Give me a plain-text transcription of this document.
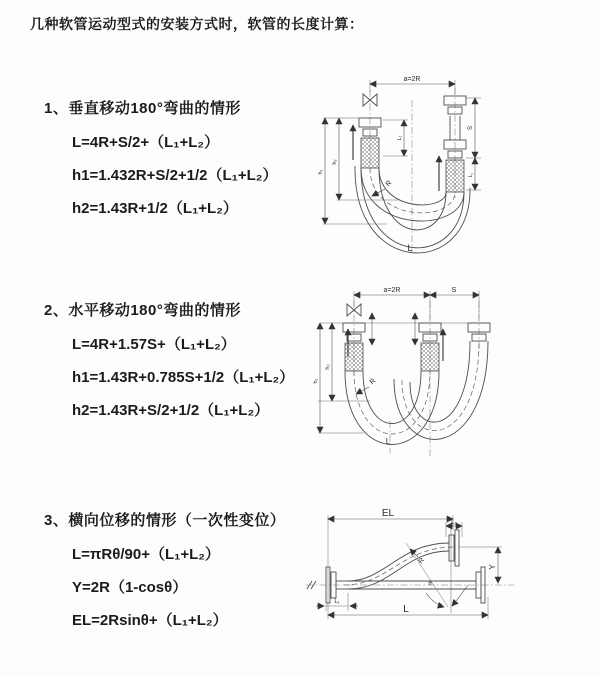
几种软管运动型式的安装方式时，软管的长度计算：
1、垂直移动180°弯曲的情形
L=4R+S/2+（L₁+L₂）
h1=1.432R+S/2+1/2（L₁+L₂）
h2=1.43R+1/2（L₁+L₂）
2、水平移动180°弯曲的情形
L=4R+1.57S+（L₁+L₂）
h1=1.43R+0.785S+1/2（L₁+L₂）
h2=1.43R+S/2+1/2（L₁+L₂）
3、横向位移的情形（一次性变位）
L=πRθ/90+（L₁+L₂）
Y=2R（1-cosθ）
EL=2Rsinθ+（L₁+L₂）
a=2R
h₁
h₂
L₁
S
L₁
R
L
a=2R	S
h₁
h₂
R
L
EL
L₂
Y
L
L₁
θ
R
